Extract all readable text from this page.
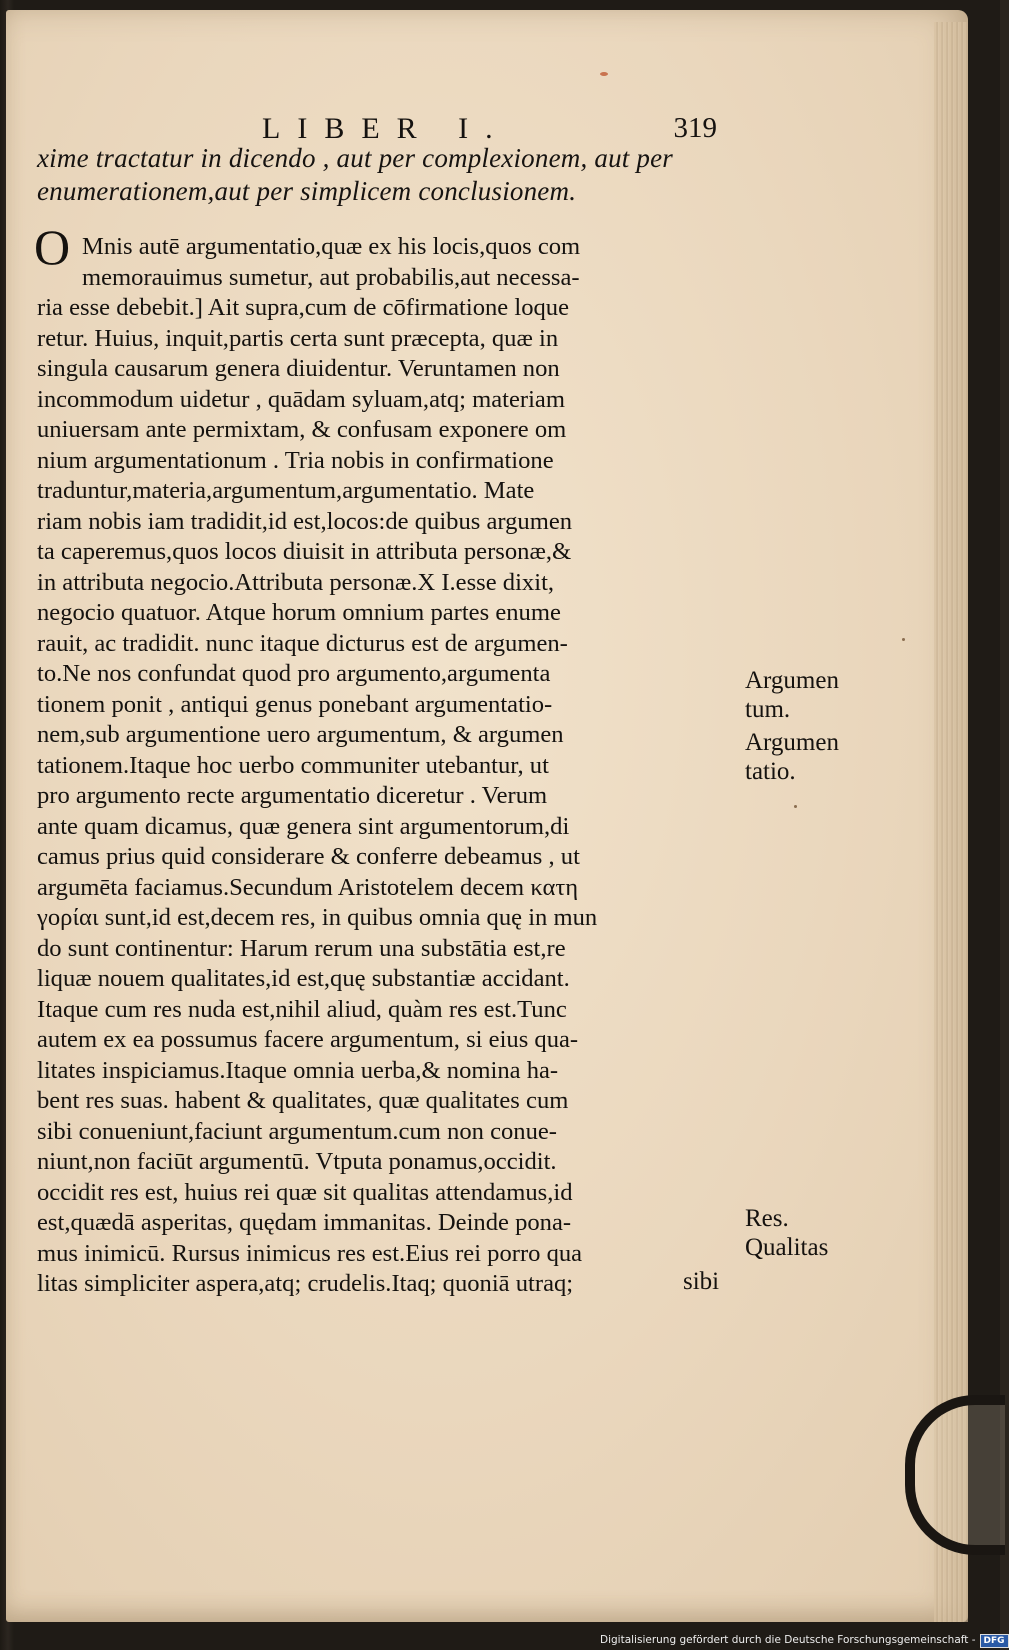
LIBER I.	319
xime tractatur in dicendo , aut per complexionem, aut per
enumerationem,aut per simplicem conclusionem.
O Mnis autē argumentatio,quæ ex his locis,quos com
memorauimus sumetur, aut probabilis,aut necessa-
ria esse debebit.] Ait supra,cum de cōfirmatione loque
retur. Huius, inquit,partis certa sunt præcepta, quæ in
singula causarum genera diuidentur. Veruntamen non
incommodum uidetur , quādam syluam,atq; materiam
uniuersam ante permixtam, & confusam exponere om
nium argumentationum . Tria nobis in confirmatione
traduntur,materia,argumentum,argumentatio. Mate
riam nobis iam tradidit,id est,locos:de quibus argumen
ta caperemus,quos locos diuisit in attributa personæ,&
in attributa negocio.Attributa personæ.X I.esse dixit,
negocio quatuor. Atque horum omnium partes enume
rauit, ac tradidit. nunc itaque dicturus est de argumen-
to.Ne nos confundat quod pro argumento,argumenta
tionem ponit , antiqui genus ponebant argumentatio-
nem,sub argumentione uero argumentum, & argumen
tationem.Itaque hoc uerbo communiter utebantur, ut
pro argumento recte argumentatio diceretur . Verum
ante quam dicamus, quæ genera sint argumentorum,di
camus prius quid considerare & conferre debeamus , ut
argumēta faciamus.Secundum Aristotelem decem κατη
γορίαι sunt,id est,decem res, in quibus omnia quę in mun
do sunt continentur: Harum rerum una substātia est,re
liquæ nouem qualitates,id est,quę substantiæ accidant.
Itaque cum res nuda est,nihil aliud, quàm res est.Tunc
autem ex ea possumus facere argumentum, si eius qua-
litates inspiciamus.Itaque omnia uerba,& nomina ha-
bent res suas. habent & qualitates, quæ qualitates cum
sibi conueniunt,faciunt argumentum.cum non conue-
niunt,non faciūt argumentū. Vtputa ponamus,occidit.
occidit res est, huius rei quæ sit qualitas attendamus,id
est,quædā asperitas, quędam immanitas. Deinde pona-
mus inimicū. Rursus inimicus res est.Eius rei porro qua
litas simpliciter aspera,atq; crudelis.Itaq; quoniā utraq;	sibi
Argumen
tum.
Argumen
tatio.
Res.
Qualitas
Digitalisierung gefördert durch die Deutsche Forschungsgemeinschaft - DFG
